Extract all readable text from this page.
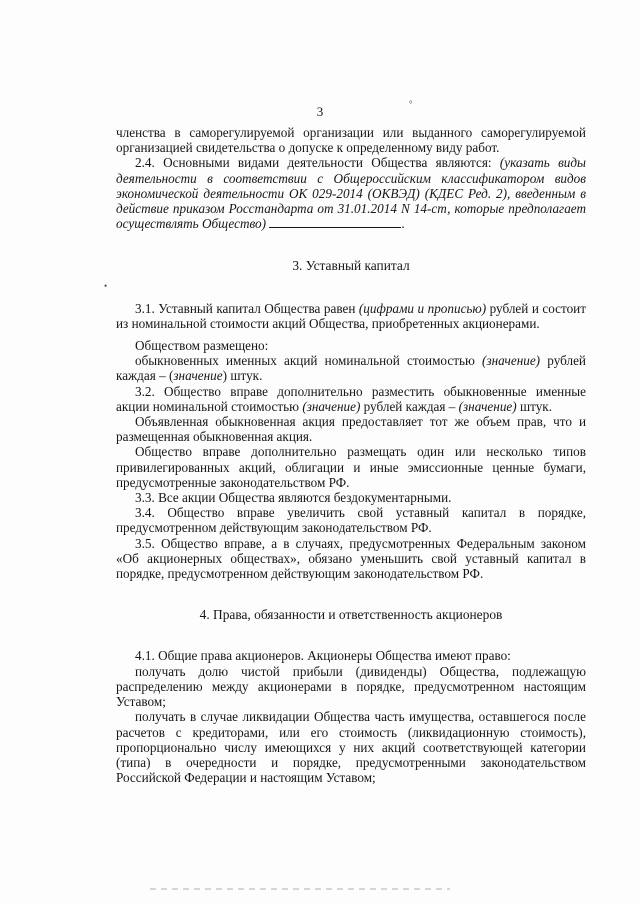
3	°
•

членства в саморегулируемой организации или выданного саморегулируемой организацией свидетельства о допуске к определенному виду работ.

2.4. Основными видами деятельности Общества являются: (указать виды деятельности в соответствии с Общероссийским классификатором видов экономической деятельности ОК 029-2014 (ОКВЭД) (КДЕС Ред. 2), введенным в действие приказом Росстандарта от 31.01.2014 N 14-ст, которые предполагает осуществлять Общество)	.

3. Уставный капитал

3.1. Уставный капитал Общества равен (цифрами и прописью) рублей и состоит из номинальной стоимости акций Общества, приобретенных акционерами.

Обществом размещено:

обыкновенных именных акций номинальной стоимостью (значение) рублей каждая – (значение) штук.

3.2. Общество вправе дополнительно разместить обыкновенные именные акции номинальной стоимостью (значение) рублей каждая – (значение) штук.

Объявленная обыкновенная акция предоставляет тот же объем прав, что и размещенная обыкновенная акция.

Общество вправе дополнительно размещать один или несколько типов привилегированных акций, облигации и иные эмиссионные ценные бумаги, предусмотренные законодательством РФ.

3.3. Все акции Общества являются бездокументарными.

3.4. Общество вправе увеличить свой уставный капитал в порядке, предусмотренном действующим законодательством РФ.

3.5. Общество вправе, а в случаях, предусмотренных Федеральным законом «Об акционерных обществах», обязано уменьшить свой уставный капитал в порядке, предусмотренном действующим законодательством РФ.

4. Права, обязанности и ответственность акционеров

4.1. Общие права акционеров. Акционеры Общества имеют право:

получать долю чистой прибыли (дивиденды) Общества, подлежащую распределению между акционерами в порядке, предусмотренном настоящим Уставом;

получать в случае ликвидации Общества часть имущества, оставшегося после расчетов с кредиторами, или его стоимость (ликвидационную стоимость), пропорционально числу имеющихся у них акций соответствующей категории (типа) в очередности и порядке, предусмотренными законодательством Российской Федерации и настоящим Уставом;
